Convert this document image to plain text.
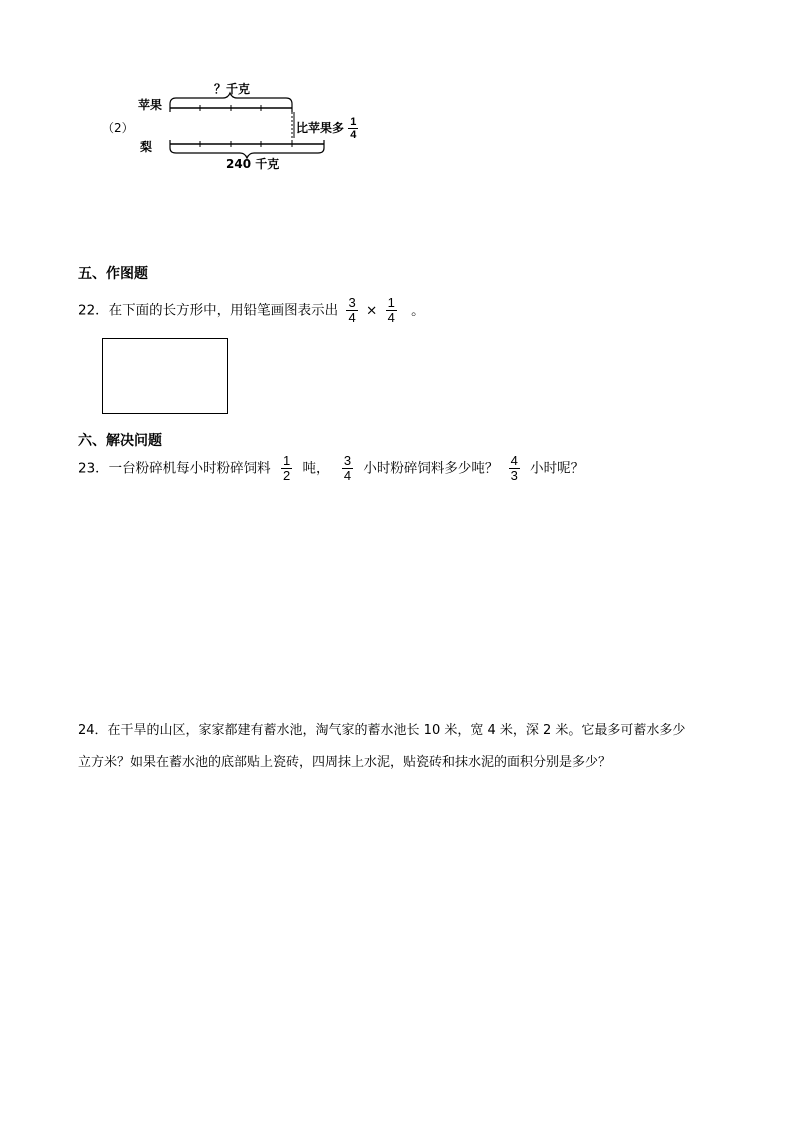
（2）
苹果
梨
？千克
240 千克
比苹果多 $\frac{1}{4}$
五、作图题
22．在下面的长方形中，用铅笔画图表示出 $\frac{3}{4} \times \frac{1}{4}$ 。
六、解决问题
23．一台粉碎机每小时粉碎饲料 $\frac{1}{2}$ 吨， $\frac{3}{4}$ 小时粉碎饲料多少吨？ $\frac{4}{3}$ 小时呢？
24．在干旱的山区，家家都建有蓄水池，淘气家的蓄水池长 10 米，宽 4 米，深 2 米。它最多可蓄水多少
立方米？如果在蓄水池的底部贴上瓷砖，四周抹上水泥，贴瓷砖和抹水泥的面积分别是多少？
